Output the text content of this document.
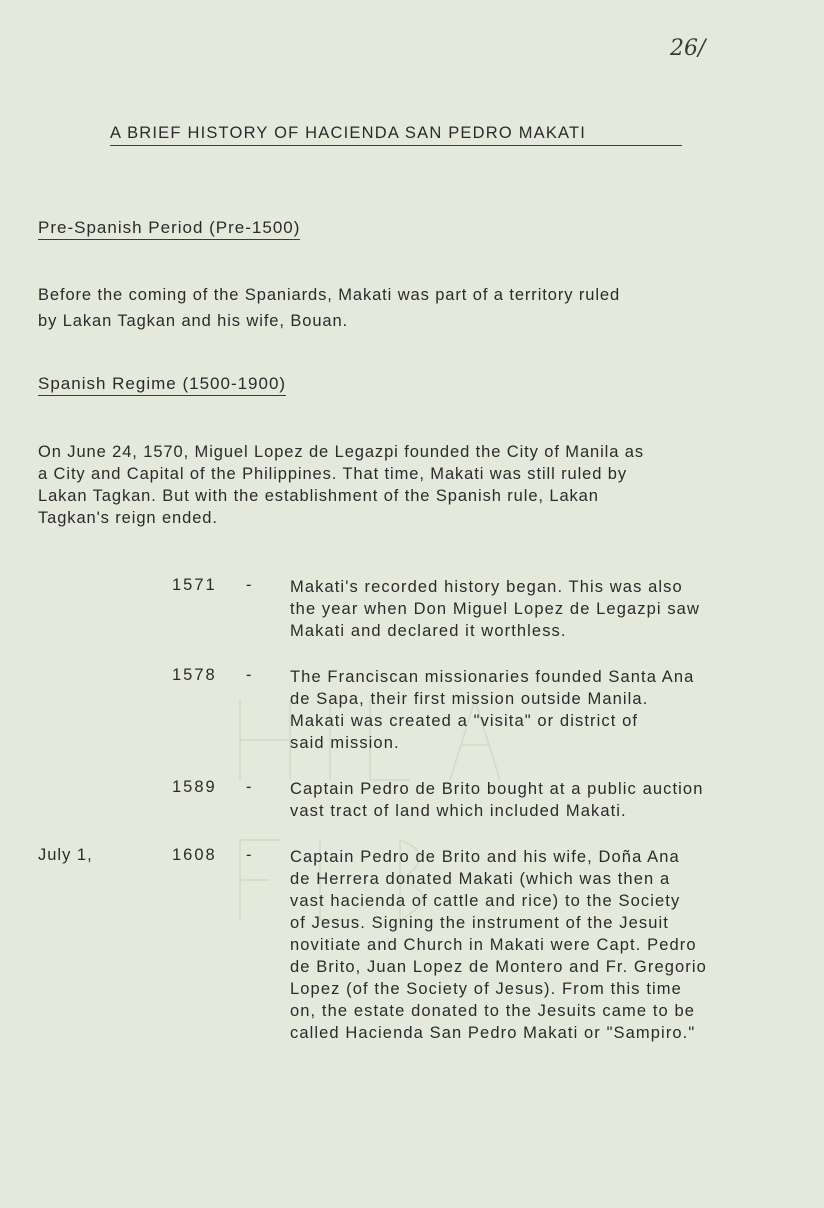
26/
A BRIEF HISTORY OF HACIENDA SAN PEDRO MAKATI
Pre-Spanish Period (Pre-1500)
Before the coming of the Spaniards, Makati was part of a territory ruled
by Lakan Tagkan and his wife, Bouan.
Spanish Regime (1500-1900)
On June 24, 1570, Miguel Lopez de Legazpi founded the City of Manila as
a City and Capital of the Philippines. That time, Makati was still ruled by
Lakan Tagkan. But with the establishment of the Spanish rule, Lakan
Tagkan's reign ended.
1571 - Makati's recorded history began. This was also
the year when Don Miguel Lopez de Legazpi saw
Makati and declared it worthless.
1578 - The Franciscan missionaries founded Santa Ana
de Sapa, their first mission outside Manila.
Makati was created a "visita" or district of
said mission.
1589 - Captain Pedro de Brito bought at a public auction
vast tract of land which included Makati.
July 1,	1608 - Captain Pedro de Brito and his wife, Doña Ana
de Herrera donated Makati (which was then a
vast hacienda of cattle and rice) to the Society
of Jesus. Signing the instrument of the Jesuit
novitiate and Church in Makati were Capt. Pedro
de Brito, Juan Lopez de Montero and Fr. Gregorio
Lopez (of the Society of Jesus). From this time
on, the estate donated to the Jesuits came to be
called Hacienda San Pedro Makati or "Sampiro."
